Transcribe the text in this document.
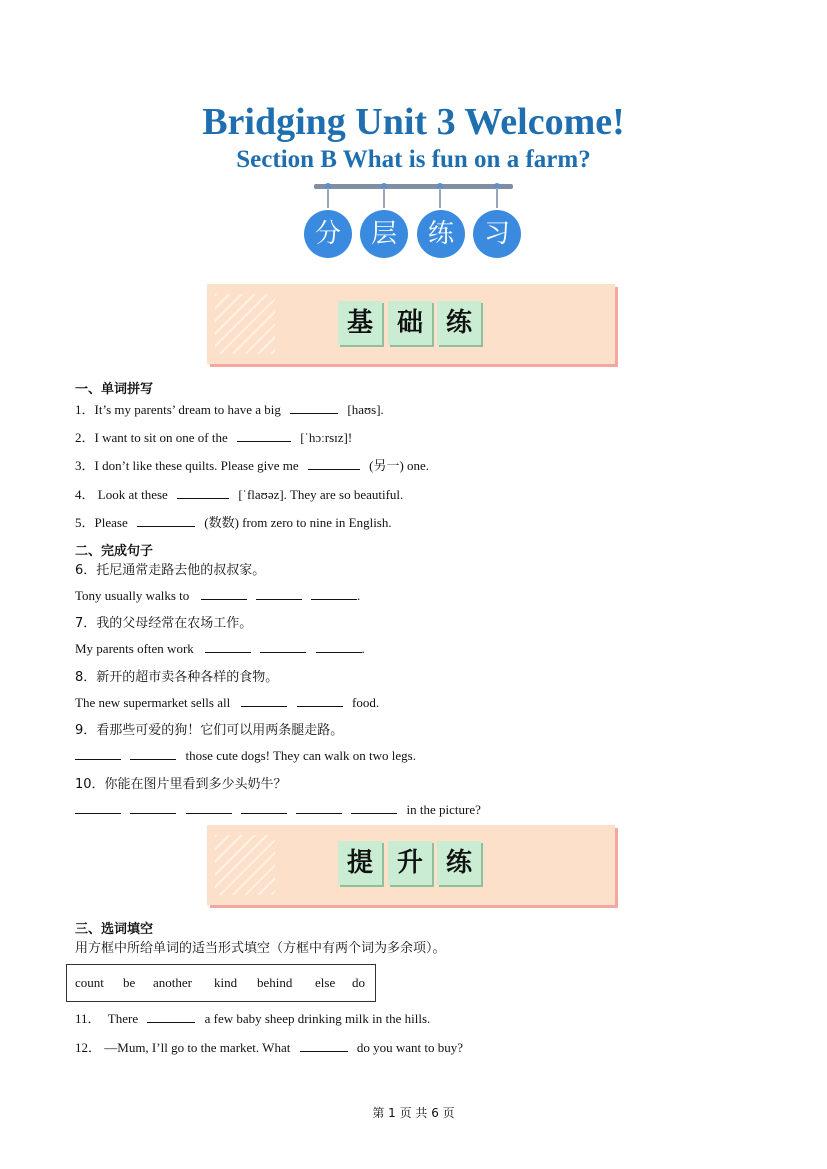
Bridging Unit 3 Welcome!
Section B What is fun on a farm?
分	层	练	习
基 础 练
一、单词拼写
1．It’s my parents’ dream to have a big	[haʊs].
2．I want to sit on one of the	[ˈhɔːrsɪz]!
3．I don’t like these quilts. Please give me	(另一) one.
4． Look at these	[ˈflaʊəz]. They are so beautiful.
5．Please	(数数) from zero to nine in English.
二、完成句子
6．托尼通常走路去他的叔叔家。
Tony usually walks to	.
7．我的父母经常在农场工作。
My parents often work	.
8．新开的超市卖各种各样的食物。
The new supermarket sells all	food.
9．看那些可爱的狗！它们可以用两条腿走路。
those cute dogs! They can walk on two legs.
10．你能在图片里看到多少头奶牛？
in the picture?
提 升 练
三、选词填空
用方框中所给单词的适当形式填空（方框中有两个词为多余项）。
count be another kind behind else do
11． There	a few baby sheep drinking milk in the hills.
12． —Mum, I’ll go to the market. What	do you want to buy?
第 1 页 共 6 页
